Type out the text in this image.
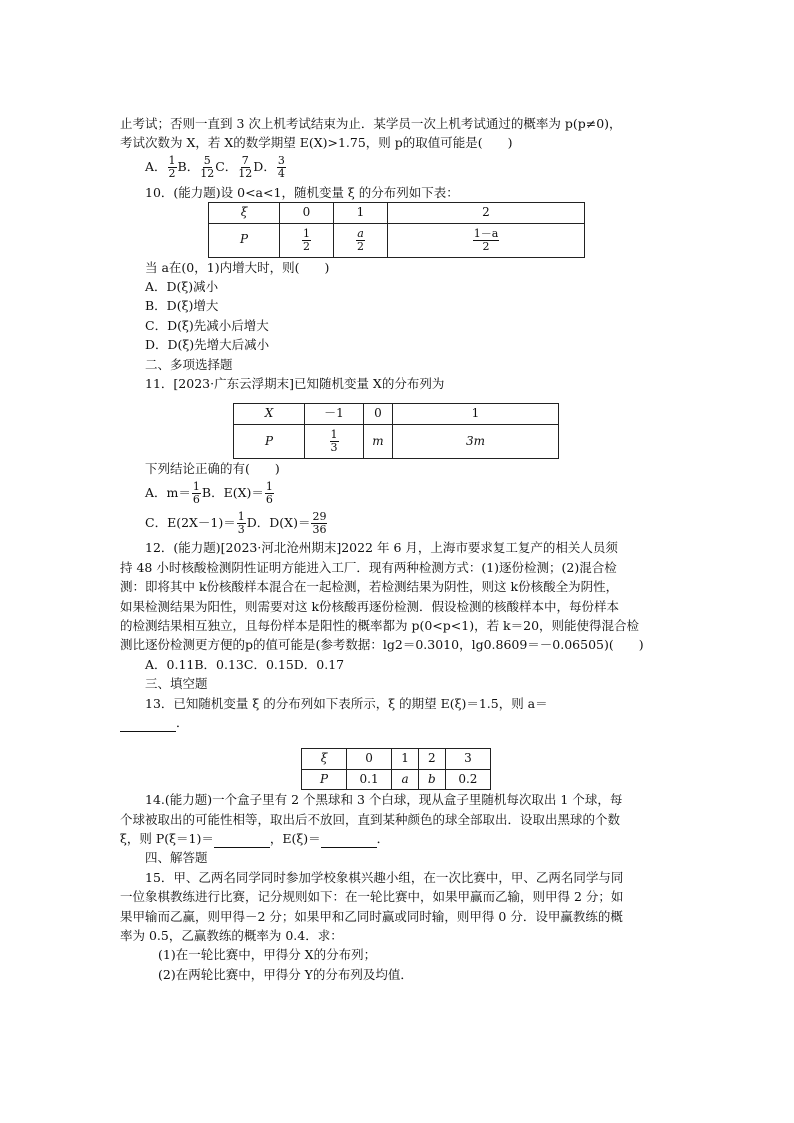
止考试；否则一直到 3 次上机考试结束为止．某学员一次上机考试通过的概率为 p(p≠0)，

考试次数为 X，若 X的数学期望 E(X)>1.75，则 p的取值可能是(　　)

A． $\frac{1}{2}$ B． $\frac{5}{12}$ C． $\frac{7}{12}$ D． $\frac{3}{4}$

10．(能力题)设 0<a<1，随机变量 ξ 的分布列如下表：

ξ	0	1	2
P	$\frac{1}{2}$	$\frac{a}{2}$	$\frac{1-a}{2}$

当 a在(0，1)内增大时，则(　　)

A．D(ξ)减小

B．D(ξ)增大

C．D(ξ)先减小后增大

D．D(ξ)先增大后减小

二、多项选择题

11．[2023·广东云浮期末]已知随机变量 X的分布列为

X	－1	0	1
P	$\frac{1}{3}$	m	3m

下列结论正确的有(　　)

A．$m= \frac{1}{6}$ B．$E(X)= \frac{1}{6}$
C．$E(2X-1)= \frac{1}{3}$ D．$D(X)= \frac{29}{36}$

12．(能力题)[2023·河北沧州期末]2022 年 6 月，上海市要求复工复产的相关人员须

持 48 小时核酸检测阴性证明方能进入工厂．现有两种检测方式：(1)逐份检测；(2)混合检

测：即将其中 k份核酸样本混合在一起检测，若检测结果为阴性，则这 k份核酸全为阴性，

如果检测结果为阳性，则需要对这 k份核酸再逐份检测．假设检测的核酸样本中，每份样本

的检测结果相互独立，且每份样本是阳性的概率都为 p(0<p<1)，若 k＝20，则能使得混合检

测比逐份检测更方便的p的值可能是(参考数据：lg2＝0.3010，lg0.8609＝－0.06505)(　　)

A．0.11B．0.13C．0.15D．0.17

三、填空题

13．已知随机变量 ξ 的分布列如下表所示，ξ 的期望 E(ξ)＝1.5，则 a＝

．

ξ	0	1	2	3
P	0.1	a	b	0.2

14.(能力题)一个盒子里有 2 个黑球和 3 个白球，现从盒子里随机每次取出 1 个球，每

个球被取出的可能性相等，取出后不放回，直到某种颜色的球全部取出．设取出黑球的个数

ξ，则 P(ξ＝1)＝	，E(ξ)＝	．

四、解答题

15．甲、乙两名同学同时参加学校象棋兴趣小组，在一次比赛中，甲、乙两名同学与同

一位象棋教练进行比赛，记分规则如下：在一轮比赛中，如果甲赢而乙输，则甲得 2 分；如

果甲输而乙赢，则甲得－2 分；如果甲和乙同时赢或同时输，则甲得 0 分．设甲赢教练的概

率为 0.5，乙赢教练的概率为 0.4．求：

(1)在一轮比赛中，甲得分 X的分布列；

(2)在两轮比赛中，甲得分 Y的分布列及均值．
